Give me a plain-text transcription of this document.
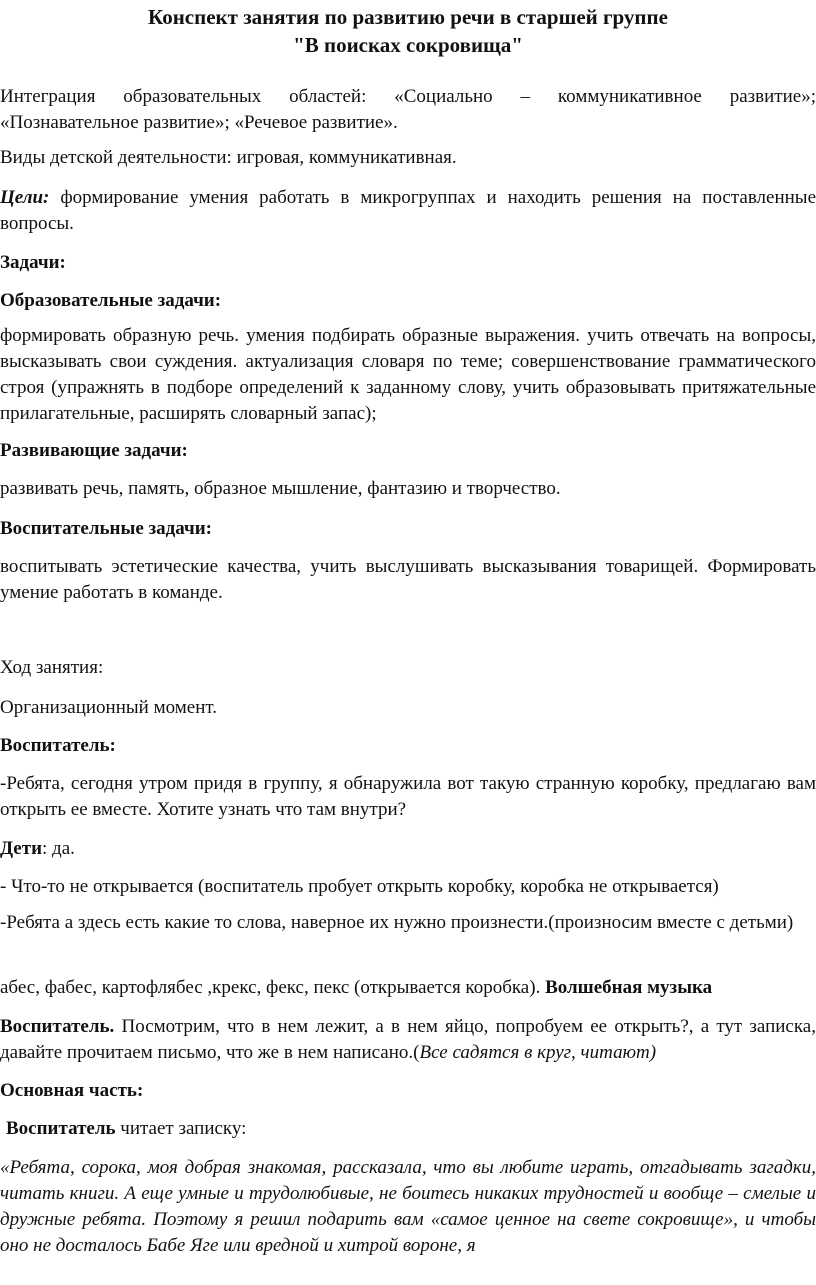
Конспект занятия по развитию речи в старшей группе
"В поисках сокровища"
Интеграция образовательных областей: «Социально – коммуникативное развитие»; «Познавательное развитие»; «Речевое развитие».
Виды детской деятельности: игровая, коммуникативная.
Цели: формирование умения работать в микрогруппах и находить решения на поставленные вопросы.
Задачи:
Образовательные задачи:
формировать образную речь. умения подбирать образные выражения. учить отвечать на вопросы, высказывать свои суждения. актуализация словаря по теме; совершенствование грамматического строя (упражнять в подборе определений к заданному слову, учить образовывать притяжательные прилагательные, расширять словарный запас);
Развивающие задачи:
развивать речь, память, образное мышление, фантазию и творчество.
Воспитательные задачи:
воспитывать эстетические качества, учить выслушивать высказывания товарищей. Формировать умение работать в команде.
Ход занятия:
Организационный момент.
Воспитатель:
-Ребята, сегодня утром придя в группу, я обнаружила вот такую странную коробку, предлагаю вам открыть ее вместе. Хотите узнать что там внутри?
Дети: да.
- Что-то не открывается (воспитатель пробует открыть коробку, коробка не открывается)
-Ребята а здесь есть какие то слова, наверное их нужно произнести.(произносим вместе с детьми)
абес, фабес, картофлябес ,крекс, фекс, пекс (открывается коробка). Волшебная музыка
Воспитатель. Посмотрим, что в нем лежит, а в нем яйцо, попробуем ее открыть?, а тут записка, давайте прочитаем письмо, что же в нем написано.(Все садятся в круг, читают)
Основная часть:
Воспитатель читает записку:
«Ребята, сорока, моя добрая знакомая, рассказала, что вы любите играть, отгадывать загадки, читать книги. А еще умные и трудолюбивые, не боитесь никаких трудностей и вообще – смелые и дружные ребята. Поэтому я решил подарить вам «самое ценное на свете сокровище», и чтобы оно не досталось Бабе Яге или вредной и хитрой вороне, я
